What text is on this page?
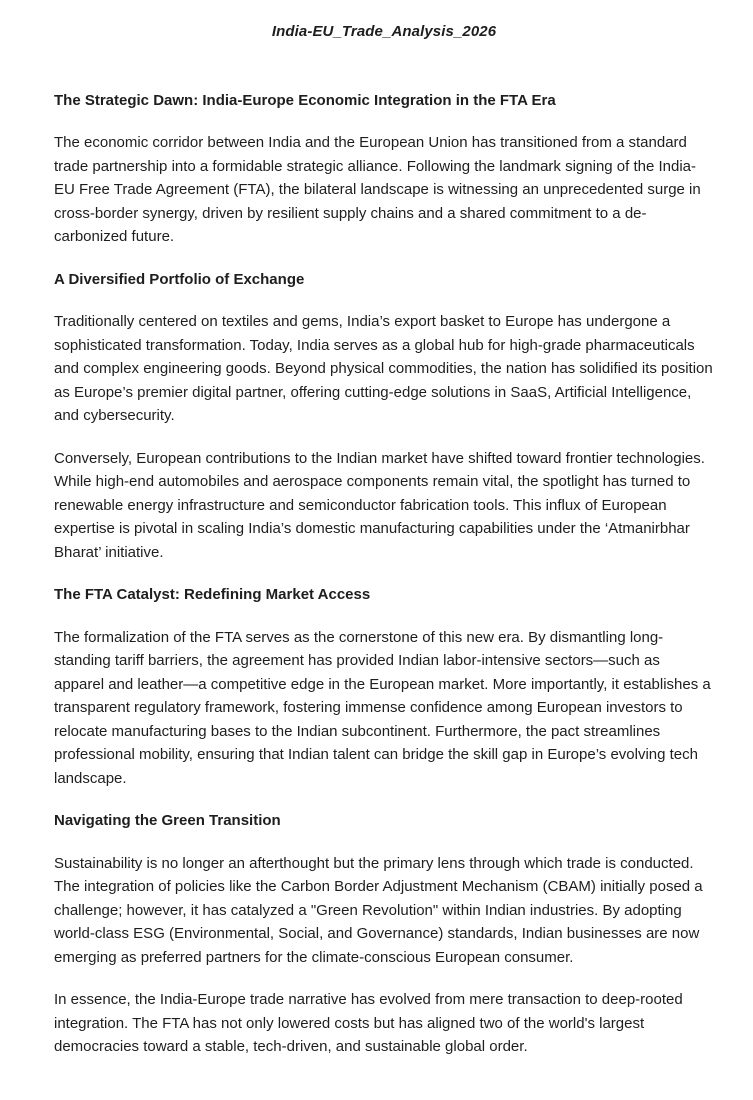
India-EU_Trade_Analysis_2026
The Strategic Dawn: India-Europe Economic Integration in the FTA Era

The economic corridor between India and the European Union has transitioned from a standard trade partnership into a formidable strategic alliance. Following the landmark signing of the India-EU Free Trade Agreement (FTA), the bilateral landscape is witnessing an unprecedented surge in cross-border synergy, driven by resilient supply chains and a shared commitment to a de-carbonized future.

A Diversified Portfolio of Exchange

Traditionally centered on textiles and gems, India’s export basket to Europe has undergone a sophisticated transformation. Today, India serves as a global hub for high-grade pharmaceuticals and complex engineering goods. Beyond physical commodities, the nation has solidified its position as Europe’s premier digital partner, offering cutting-edge solutions in SaaS, Artificial Intelligence, and cybersecurity.

Conversely, European contributions to the Indian market have shifted toward frontier technologies. While high-end automobiles and aerospace components remain vital, the spotlight has turned to renewable energy infrastructure and semiconductor fabrication tools. This influx of European expertise is pivotal in scaling India’s domestic manufacturing capabilities under the ‘Atmanirbhar Bharat’ initiative.

The FTA Catalyst: Redefining Market Access

The formalization of the FTA serves as the cornerstone of this new era. By dismantling long-standing tariff barriers, the agreement has provided Indian labor-intensive sectors—such as apparel and leather—a competitive edge in the European market. More importantly, it establishes a transparent regulatory framework, fostering immense confidence among European investors to relocate manufacturing bases to the Indian subcontinent. Furthermore, the pact streamlines professional mobility, ensuring that Indian talent can bridge the skill gap in Europe’s evolving tech landscape.

Navigating the Green Transition

Sustainability is no longer an afterthought but the primary lens through which trade is conducted. The integration of policies like the Carbon Border Adjustment Mechanism (CBAM) initially posed a challenge; however, it has catalyzed a "Green Revolution" within Indian industries. By adopting world-class ESG (Environmental, Social, and Governance) standards, Indian businesses are now emerging as preferred partners for the climate-conscious European consumer.

In essence, the India-Europe trade narrative has evolved from mere transaction to deep-rooted integration. The FTA has not only lowered costs but has aligned two of the world's largest democracies toward a stable, tech-driven, and sustainable global order.
